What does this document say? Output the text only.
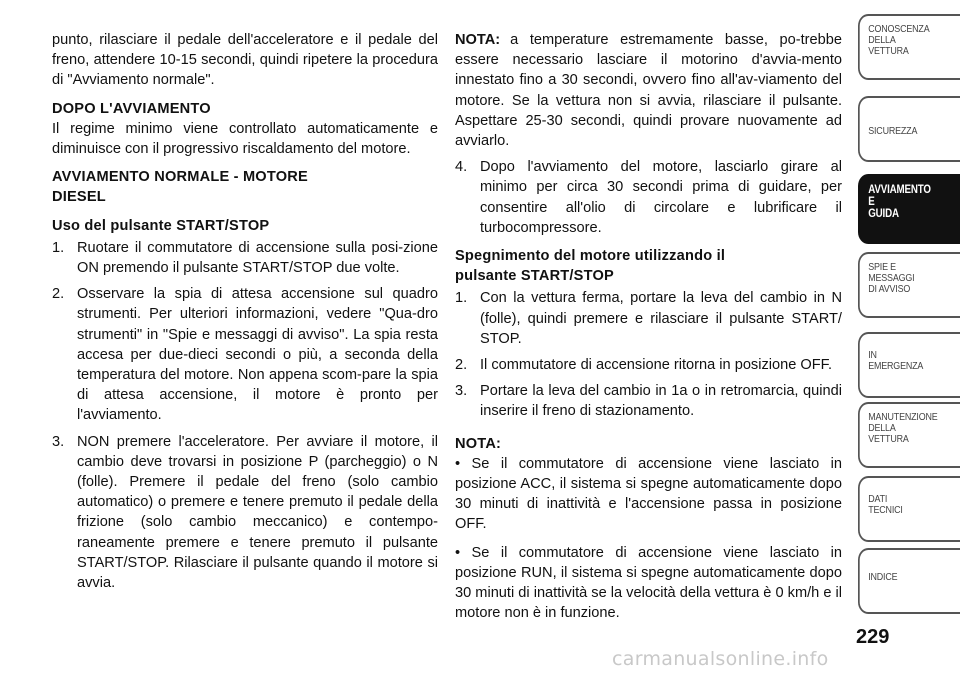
punto, rilasciare il pedale dell'acceleratore e il pedale del freno, attendere 10-15 secondi, quindi ripetere la procedura di "Avviamento normale".

DOPO L'AVVIAMENTO

Il regime minimo viene controllato automaticamente e diminuisce con il progressivo riscaldamento del motore.

AVVIAMENTO NORMALE - MOTORE

DIESEL

Uso del pulsante START/STOP

1. Ruotare il commutatore di accensione sulla posi-zione ON premendo il pulsante START/STOP due volte.
2. Osservare la spia di attesa accensione sul quadro strumenti. Per ulteriori informazioni, vedere "Qua-dro strumenti" in "Spie e messaggi di avviso". La spia resta accesa per due-dieci secondi o più, a seconda della temperatura del motore. Non appena scom-pare la spia di attesa accensione, il motore è pronto per l'avviamento.
3. NON premere l'acceleratore. Per avviare il motore, il cambio deve trovarsi in posizione P (parcheggio) o N (folle). Premere il pedale del freno (solo cambio automatico) o premere e tenere premuto il pedale della frizione (solo cambio meccanico) e contempo-raneamente premere e tenere premuto il pulsante START/STOP. Rilasciare il pulsante quando il motore si avvia.

NOTA: a temperature estremamente basse, po-trebbe essere necessario lasciare il motorino d'avvia-mento innestato fino a 30 secondi, ovvero fino all'av-viamento del motore. Se la vettura non si avvia, rilasciare il pulsante. Aspettare 25-30 secondi, quindi provare nuovamente ad avviarlo.

4. Dopo l'avviamento del motore, lasciarlo girare al minimo per circa 30 secondi prima di guidare, per consentire all'olio di circolare e lubrificare il turbocompressore.

Spegnimento del motore utilizzando il

pulsante START/STOP

1. Con la vettura ferma, portare la leva del cambio in N (folle), quindi premere e rilasciare il pulsante START/ STOP.
2. Il commutatore di accensione ritorna in posizione OFF.
3. Portare la leva del cambio in 1a o in retromarcia, quindi inserire il freno di stazionamento.

NOTA:

• Se il commutatore di accensione viene lasciato in posizione ACC, il sistema si spegne automaticamente dopo 30 minuti di inattività e l'accensione passa in posizione OFF.

• Se il commutatore di accensione viene lasciato in posizione RUN, il sistema si spegne automaticamente dopo 30 minuti di inattività se la velocità della vettura è 0 km/h e il motore non è in funzione.

CONOSCENZA
DELLA
VETTURA
SICUREZZA
AVVIAMENTO
E
GUIDA
SPIE E
MESSAGGI
DI AVVISO
IN
EMERGENZA
MANUTENZIONE
DELLA
VETTURA
DATI
TECNICI
INDICE
229
carmanualsonline.info
